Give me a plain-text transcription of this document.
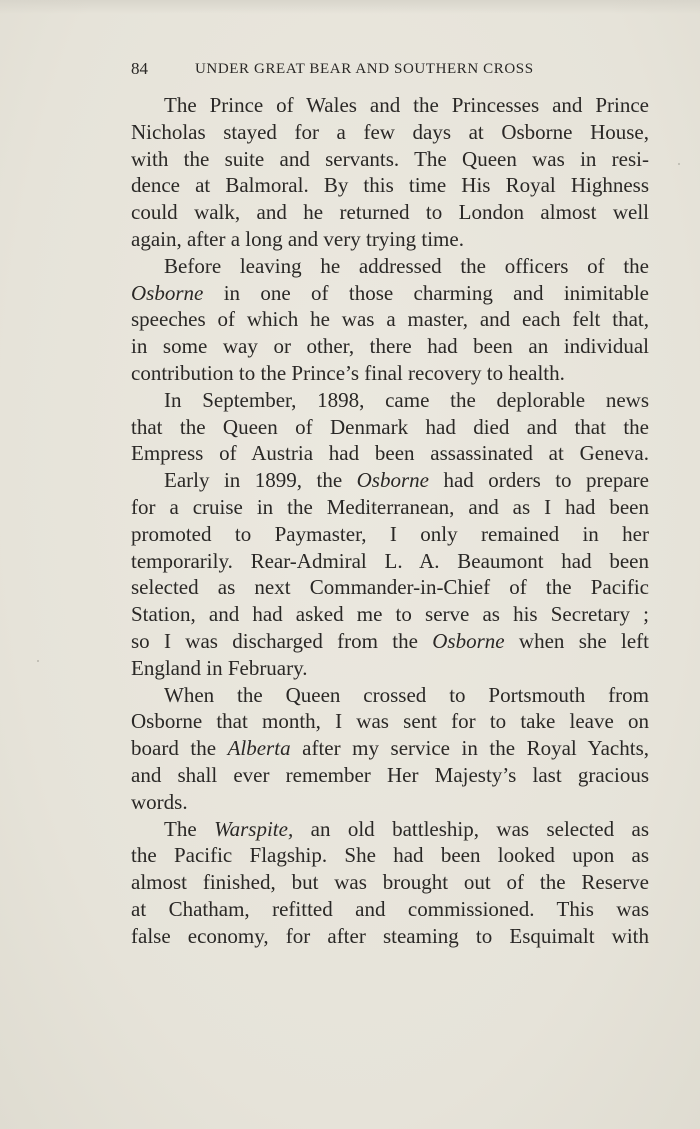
84	UNDER GREAT BEAR AND SOUTHERN CROSS
The Prince of Wales and the Princesses and Prince
Nicholas stayed for a few days at Osborne House,
with the suite and servants. The Queen was in resi-
dence at Balmoral. By this time His Royal Highness
could walk, and he returned to London almost well
again, after a long and very trying time.
Before leaving he addressed the officers of the
Osborne in one of those charming and inimitable
speeches of which he was a master, and each felt that,
in some way or other, there had been an individual
contribution to the Prince’s final recovery to health.
In September, 1898, came the deplorable news
that the Queen of Denmark had died and that the
Empress of Austria had been assassinated at Geneva.
Early in 1899, the Osborne had orders to prepare
for a cruise in the Mediterranean, and as I had been
promoted to Paymaster, I only remained in her
temporarily. Rear-Admiral L. A. Beaumont had been
selected as next Commander-in-Chief of the Pacific
Station, and had asked me to serve as his Secretary ;
so I was discharged from the Osborne when she left
England in February.
When the Queen crossed to Portsmouth from
Osborne that month, I was sent for to take leave on
board the Alberta after my service in the Royal Yachts,
and shall ever remember Her Majesty’s last gracious
words.
The Warspite, an old battleship, was selected as
the Pacific Flagship. She had been looked upon as
almost finished, but was brought out of the Reserve
at Chatham, refitted and commissioned. This was
false economy, for after steaming to Esquimalt with
